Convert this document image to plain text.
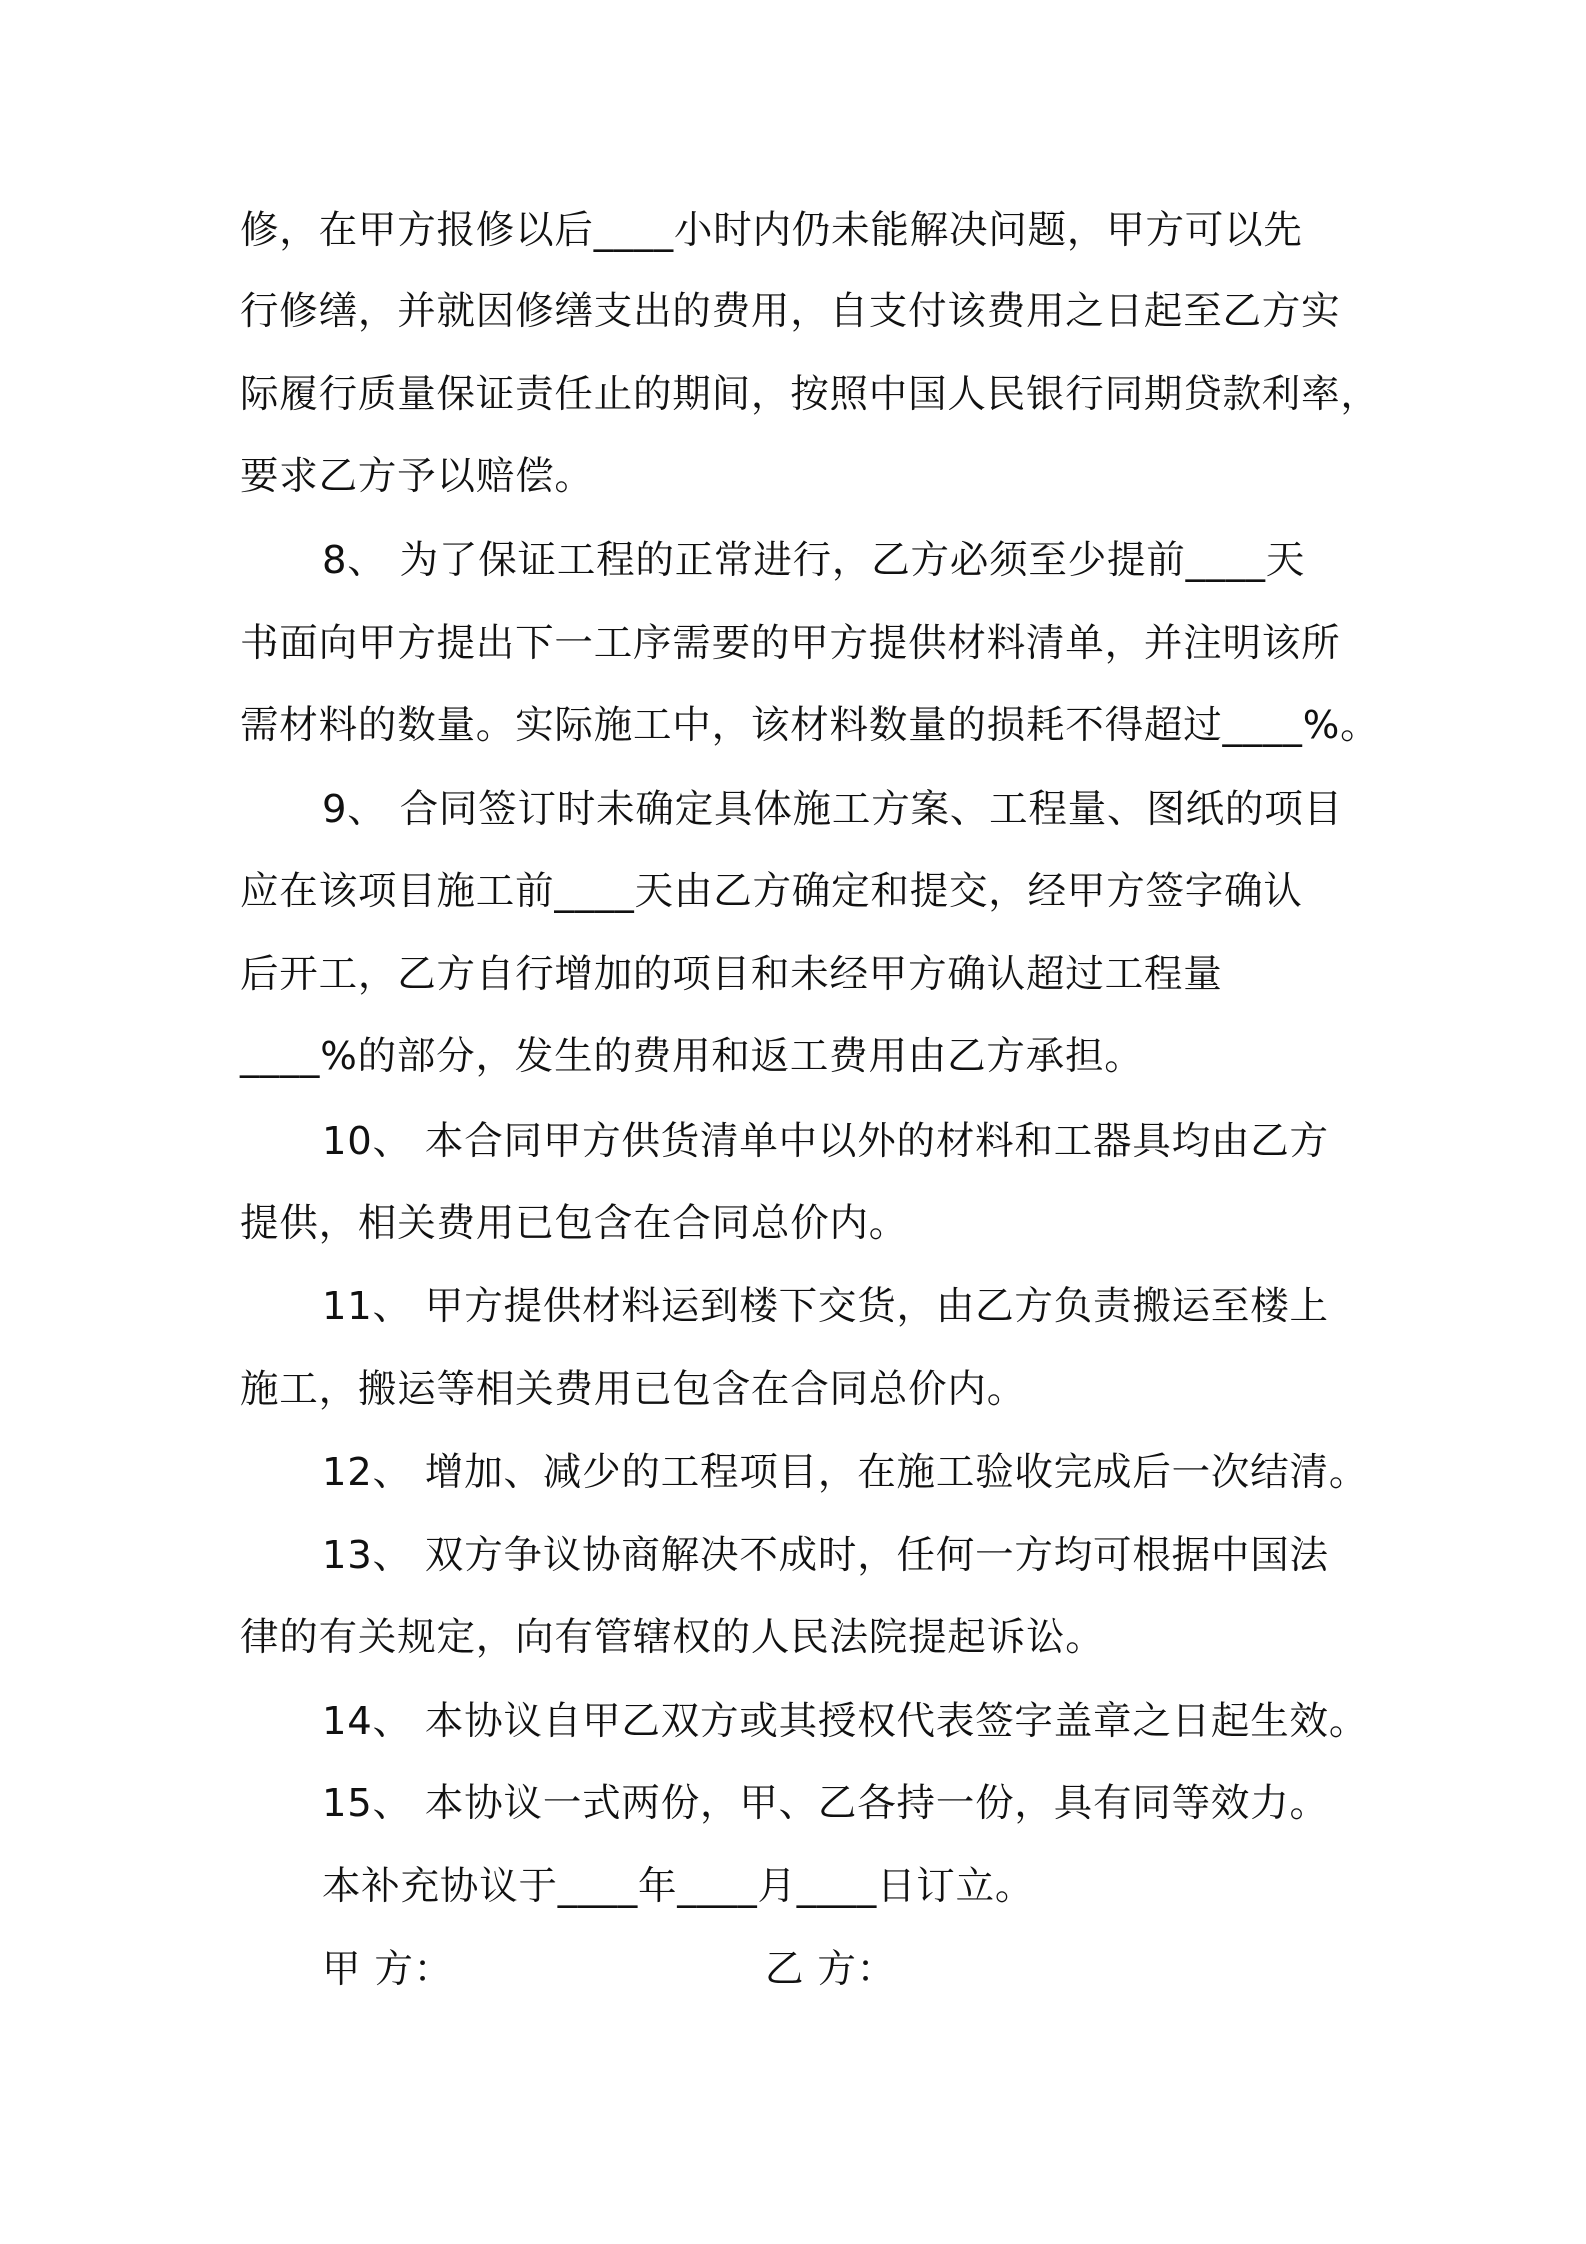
修，在甲方报修以后____小时内仍未能解决问题，甲方可以先
行修缮，并就因修缮支出的费用，自支付该费用之日起至乙方实
际履行质量保证责任止的期间，按照中国人民银行同期贷款利率，
要求乙方予以赔偿。
8、 为了保证工程的正常进行，乙方必须至少提前____天
书面向甲方提出下一工序需要的甲方提供材料清单，并注明该所
需材料的数量。实际施工中，该材料数量的损耗不得超过____%。
9、 合同签订时未确定具体施工方案、工程量、图纸的项目
应在该项目施工前____天由乙方确定和提交，经甲方签字确认
后开工，乙方自行增加的项目和未经甲方确认超过工程量
____%的部分，发生的费用和返工费用由乙方承担。
10、 本合同甲方供货清单中以外的材料和工器具均由乙方
提供，相关费用已包含在合同总价内。
11、 甲方提供材料运到楼下交货，由乙方负责搬运至楼上
施工，搬运等相关费用已包含在合同总价内。
12、 增加、减少的工程项目，在施工验收完成后一次结清。
13、 双方争议协商解决不成时，任何一方均可根据中国法
律的有关规定，向有管辖权的人民法院提起诉讼。
14、 本协议自甲乙双方或其授权代表签字盖章之日起生效。
15、 本协议一式两份，甲、乙各持一份，具有同等效力。
本补充协议于____年____月____日订立。
甲 方：	乙 方：
